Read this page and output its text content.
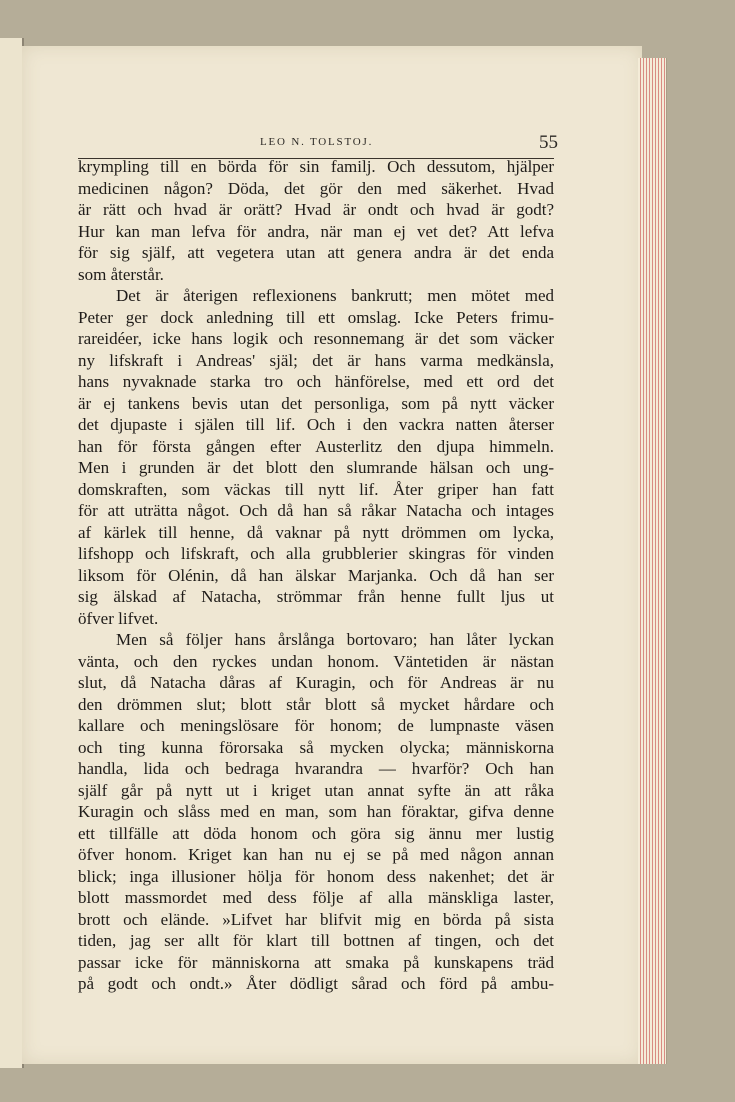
LEO N. TOLSTOJ.	55
krympling till en börda för sin familj. Och dessutom, hjälper
medicinen någon? Döda, det gör den med säkerhet. Hvad
är rätt och hvad är orätt? Hvad är ondt och hvad är godt?
Hur kan man lefva för andra, när man ej vet det? Att lefva
för sig själf, att vegetera utan att genera andra är det enda
som återstår.
Det är återigen reflexionens bankrutt; men mötet med
Peter ger dock anledning till ett omslag. Icke Peters frimu-
rareidéer, icke hans logik och resonnemang är det som väcker
ny lifskraft i Andreas' själ; det är hans varma medkänsla,
hans nyvaknade starka tro och hänförelse, med ett ord det
är ej tankens bevis utan det personliga, som på nytt väcker
det djupaste i själen till lif. Och i den vackra natten återser
han för första gången efter Austerlitz den djupa himmeln.
Men i grunden är det blott den slumrande hälsan och ung-
domskraften, som väckas till nytt lif. Åter griper han fatt
för att uträtta något. Och då han så råkar Natacha och intages
af kärlek till henne, då vaknar på nytt drömmen om lycka,
lifshopp och lifskraft, och alla grubblerier skingras för vinden
liksom för Olénin, då han älskar Marjanka. Och då han ser
sig älskad af Natacha, strömmar från henne fullt ljus ut
öfver lifvet.
Men så följer hans årslånga bortovaro; han låter lyckan
vänta, och den ryckes undan honom. Väntetiden är nästan
slut, då Natacha dåras af Kuragin, och för Andreas är nu
den drömmen slut; blott står blott så mycket hårdare och
kallare och meningslösare för honom; de lumpnaste väsen
och ting kunna förorsaka så mycken olycka; människorna
handla, lida och bedraga hvarandra — hvarför? Och han
själf går på nytt ut i kriget utan annat syfte än att råka
Kuragin och slåss med en man, som han föraktar, gifva denne
ett tillfälle att döda honom och göra sig ännu mer lustig
öfver honom. Kriget kan han nu ej se på med någon annan
blick; inga illusioner hölja för honom dess nakenhet; det är
blott massmordet med dess följe af alla mänskliga laster,
brott och elände. »Lifvet har blifvit mig en börda på sista
tiden, jag ser allt för klart till bottnen af tingen, och det
passar icke för människorna att smaka på kunskapens träd
på godt och ondt.» Åter dödligt sårad och förd på ambu-
